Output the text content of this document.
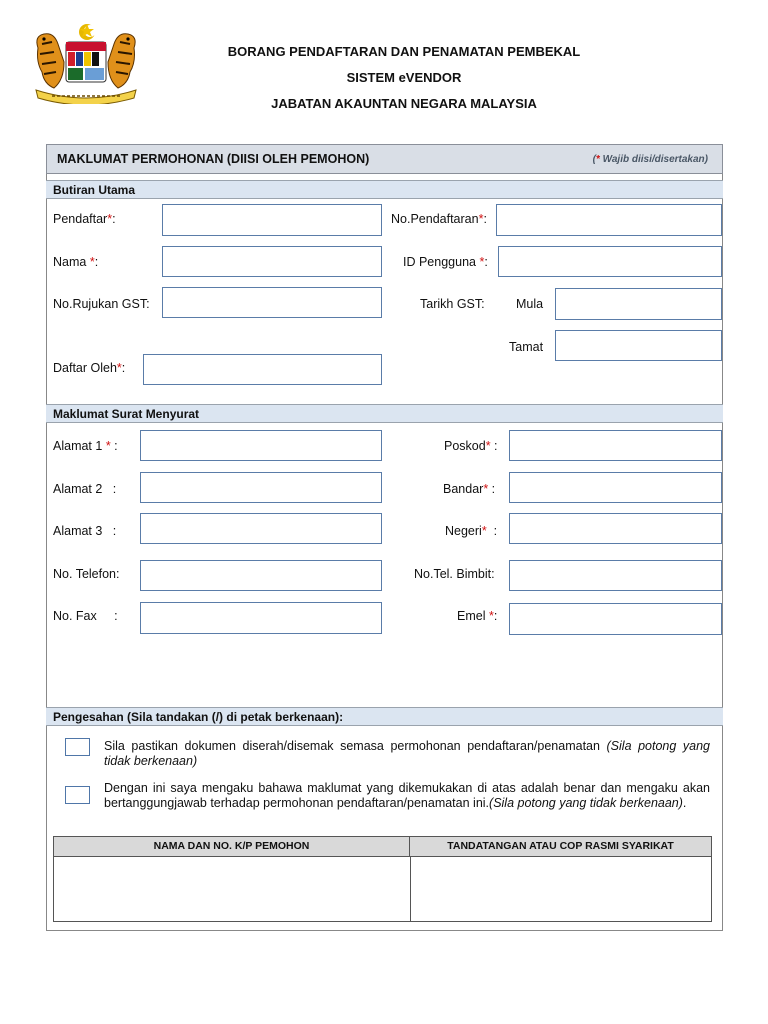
BORANG PENDAFTARAN DAN PENAMATAN PEMBEKAL
SISTEM eVENDOR
JABATAN AKAUNTAN NEGARA MALAYSIA
MAKLUMAT PERMOHONAN (DIISI OLEH PEMOHON)	(* Wajib diisi/disertakan)
Butiran Utama
Pendaftar*:	No.Pendaftaran*:
Nama *:	ID Pengguna *:
No.Rujukan GST:	Tarikh GST:	Mula
Tamat
Daftar Oleh*:
Maklumat Surat Menyurat
Alamat 1 * :	Poskod* :
Alamat 2   :	Bandar* :
Alamat 3   :	Negeri*  :
No. Telefon:	No.Tel. Bimbit:
No. Fax     :	Emel *:
Pengesahan (Sila tandakan (/) di petak berkenaan):
Sila pastikan dokumen diserah/disemak semasa permohonan pendaftaran/penamatan (Sila potong yang tidak berkenaan)
Dengan ini saya mengaku bahawa maklumat yang dikemukakan di atas adalah benar dan mengaku akan bertanggungjawab terhadap permohonan pendaftaran/penamatan ini.(Sila potong yang tidak berkenaan).
NAMA DAN NO. K/P PEMOHON	TANDATANGAN ATAU COP RASMI SYARIKAT
